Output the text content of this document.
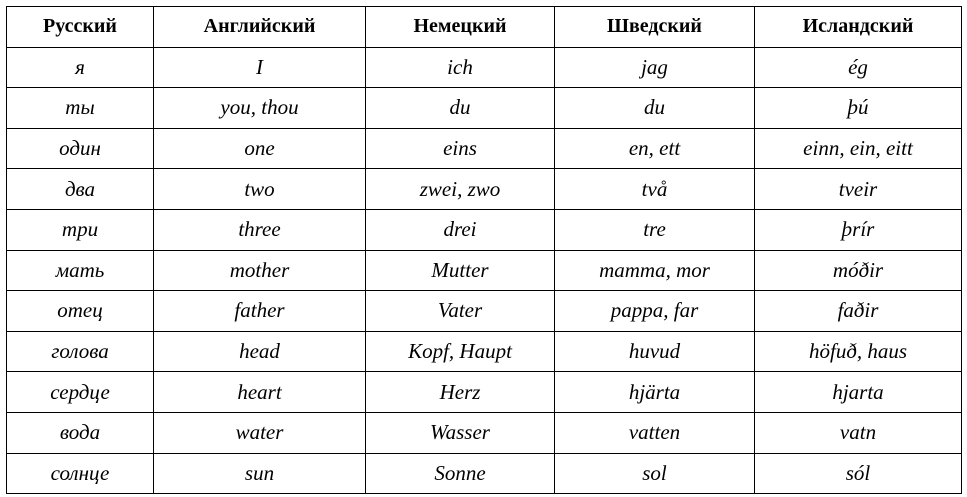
Русский	Английский	Немецкий	Шведский	Исландский
я	I	ich	jag	ég
ты	you, thou	du	du	þú
один	one	eins	en, ett	einn, ein, eitt
два	two	zwei, zwo	två	tveir
три	three	drei	tre	þrír
мать	mother	Mutter	mamma, mor	móðir
отец	father	Vater	pappa, far	faðir
голова	head	Kopf, Haupt	huvud	höfuð, haus
сердце	heart	Herz	hjärta	hjarta
вода	water	Wasser	vatten	vatn
солнце	sun	Sonne	sol	sól
